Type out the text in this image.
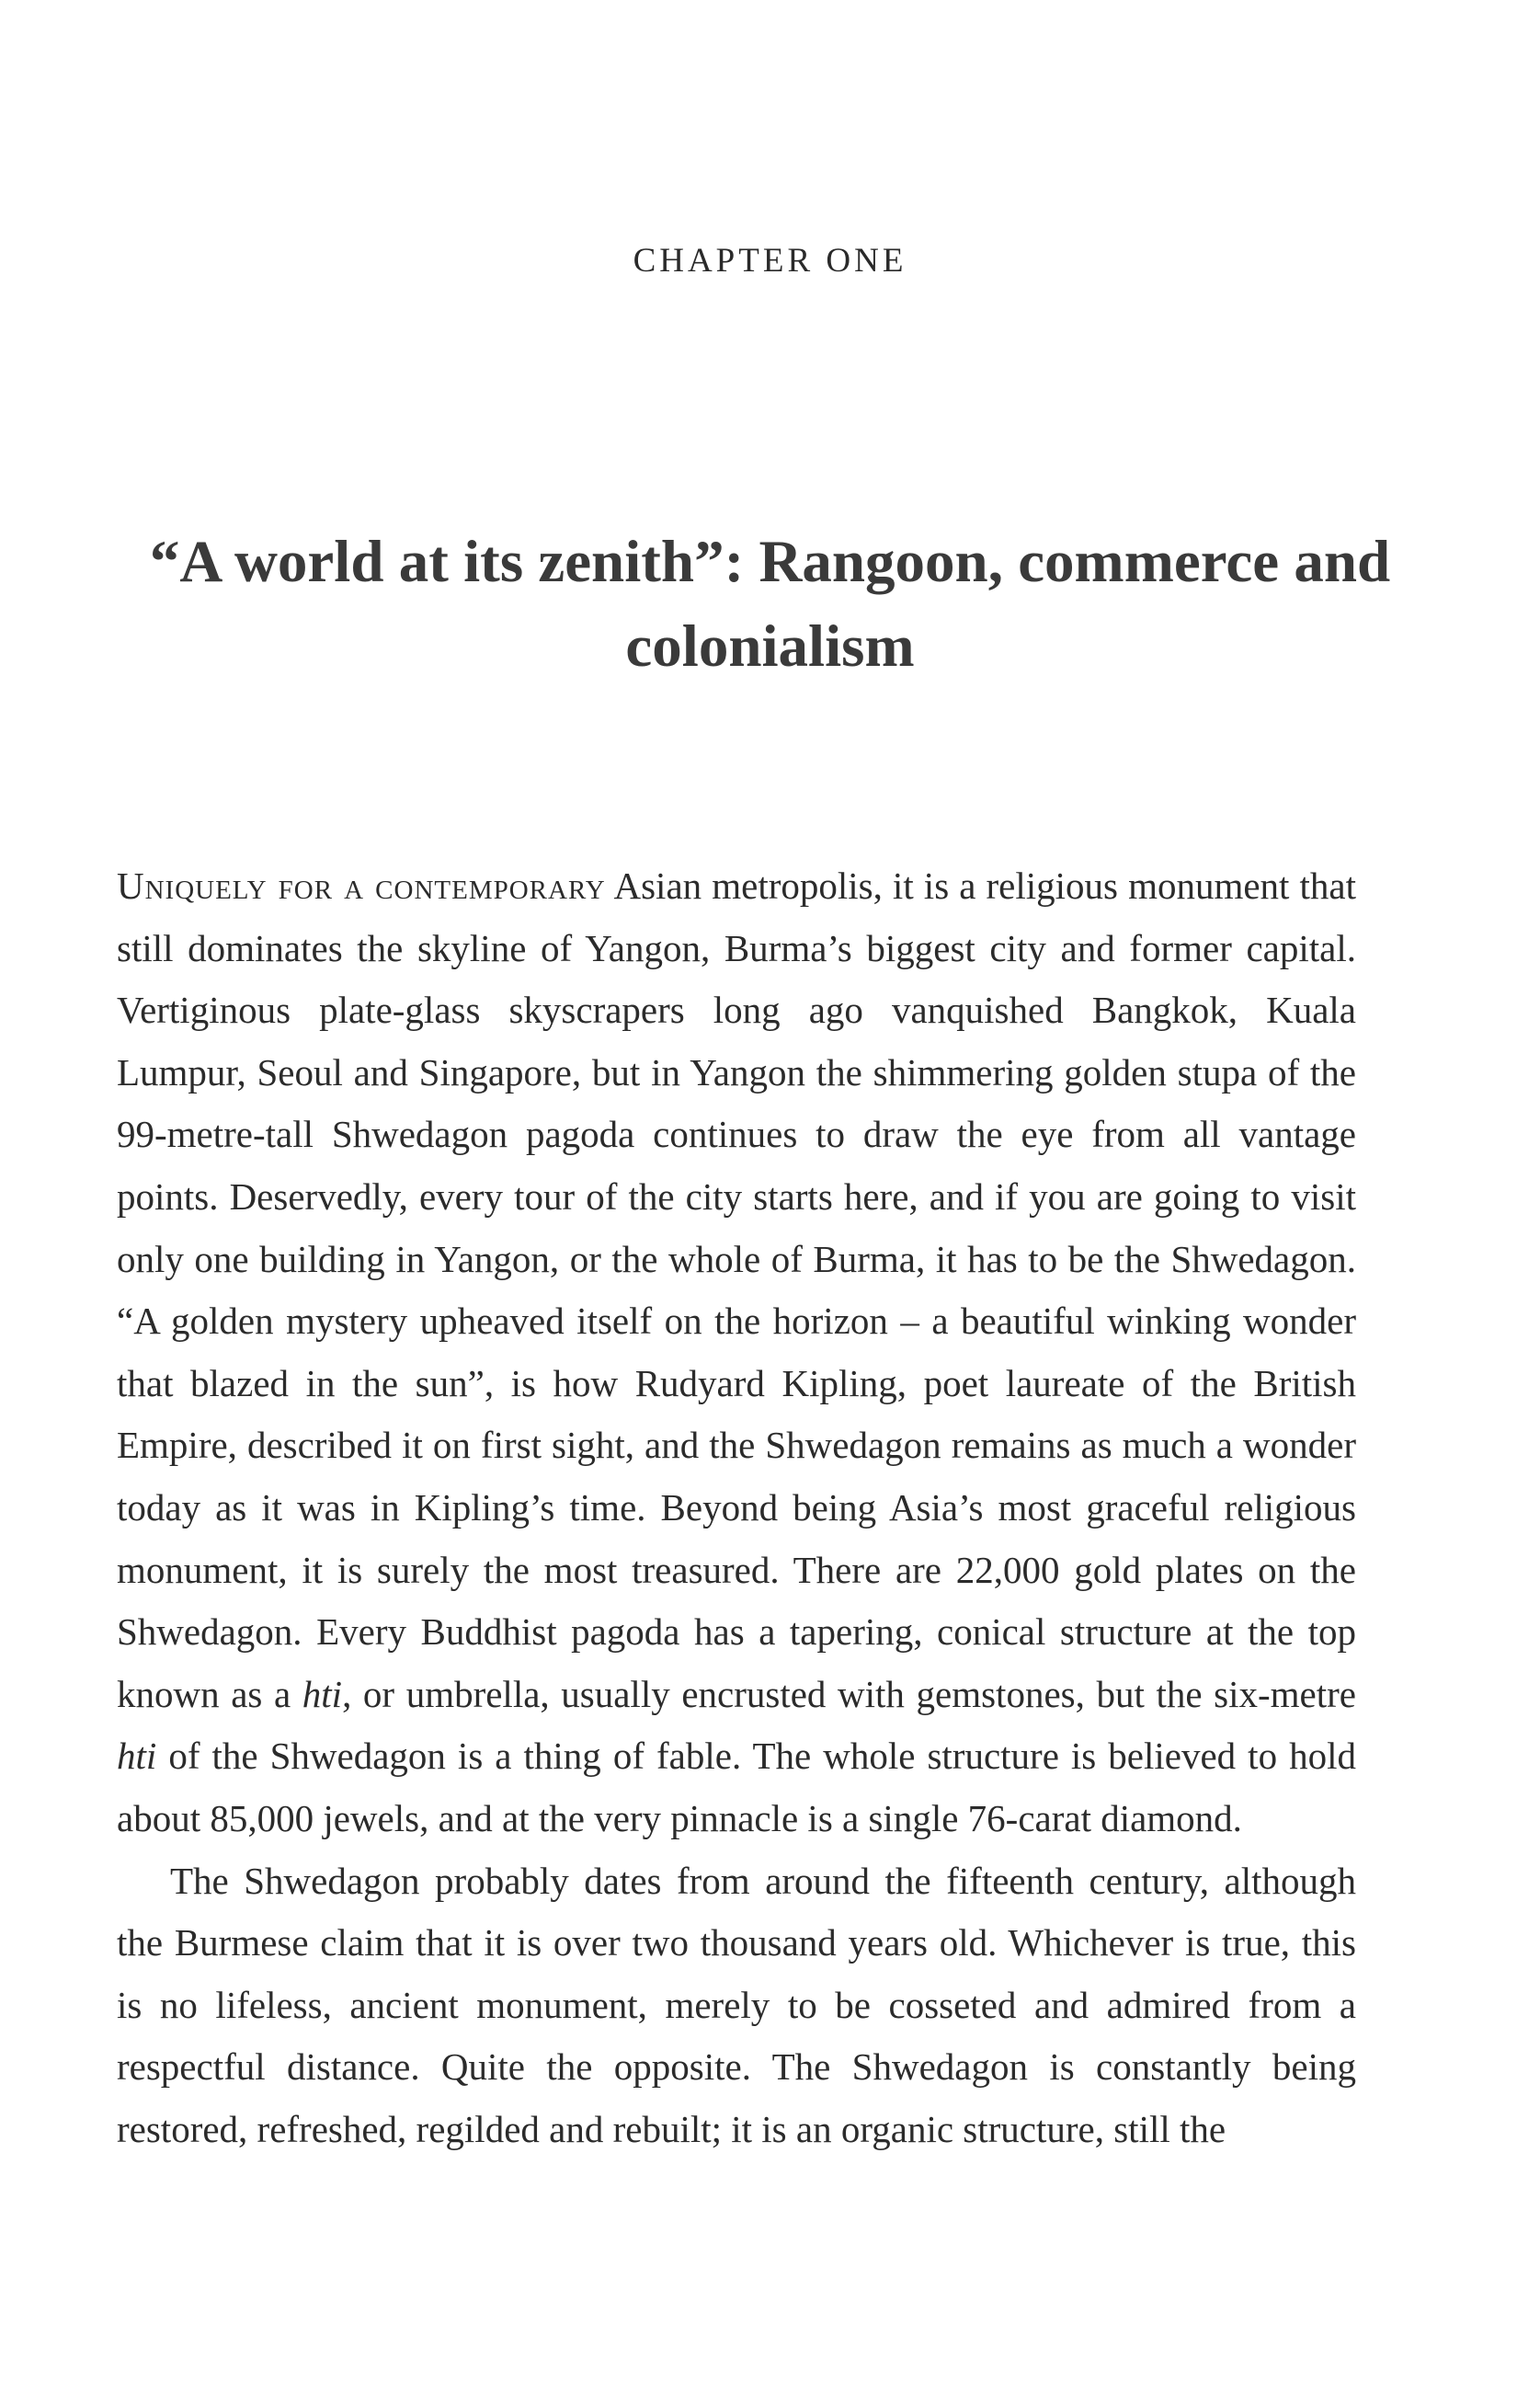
CHAPTER ONE
“A world at its zenith”: Rangoon, commerce and colonialism

Uniquely for a contemporary Asian metropolis, it is a religious monument that still dominates the skyline of Yangon, Burma’s biggest city and former capital. Vertiginous plate-glass skyscrapers long ago vanquished Bangkok, Kuala Lumpur, Seoul and Singapore, but in Yangon the shimmering golden stupa of the 99-metre-tall Shwedagon pagoda continues to draw the eye from all vantage points. Deservedly, every tour of the city starts here, and if you are going to visit only one building in Yangon, or the whole of Burma, it has to be the Shwedagon. “A golden mystery upheaved itself on the horizon – a beautiful winking wonder that blazed in the sun”, is how Rudyard Kipling, poet laureate of the British Empire, described it on first sight, and the Shwedagon remains as much a wonder today as it was in Kipling’s time. Beyond being Asia’s most graceful religious monument, it is surely the most treasured. There are 22,000 gold plates on the Shwedagon. Every Buddhist pagoda has a tapering, conical structure at the top known as a hti, or umbrella, usually encrusted with gemstones, but the six-metre hti of the Shwedagon is a thing of fable. The whole structure is believed to hold about 85,000 jewels, and at the very pinnacle is a single 76-carat diamond.

The Shwedagon probably dates from around the fifteenth century, although the Burmese claim that it is over two thousand years old. Whichever is true, this is no lifeless, ancient monument, merely to be cosseted and admired from a respectful distance. Quite the opposite. The Shwedagon is constantly being restored, refreshed, regilded and rebuilt; it is an organic structure, still the
